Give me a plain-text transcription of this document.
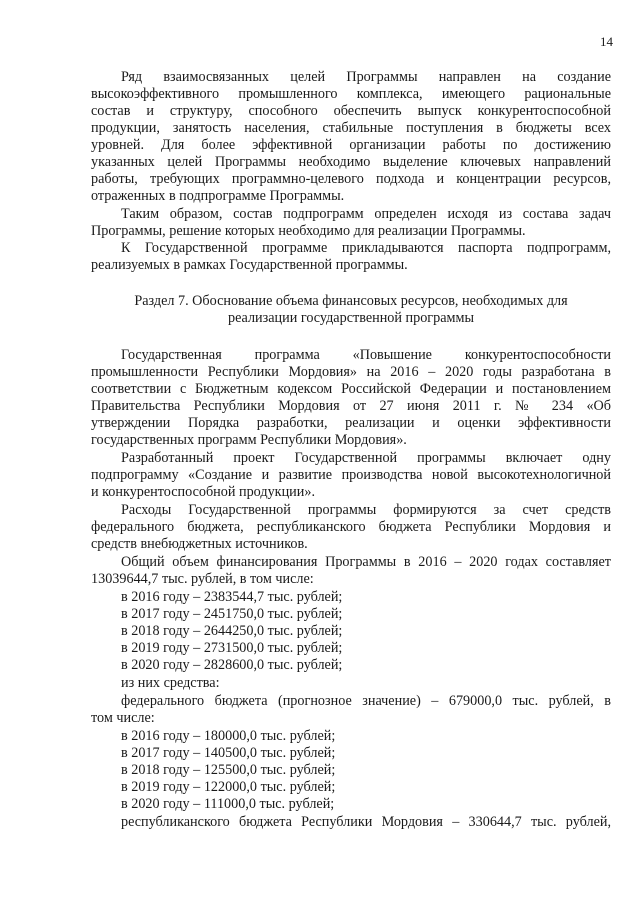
14
Ряд взаимосвязанных целей Программы направлен на создание
высокоэффективного промышленного комплекса, имеющего рациональные
состав и структуру, способного обеспечить выпуск конкурентоспособной
продукции, занятость населения, стабильные поступления в бюджеты всех
уровней. Для более эффективной организации работы по достижению
указанных целей Программы необходимо выделение ключевых направлений
работы, требующих программно-целевого подхода и концентрации ресурсов,
отраженных в подпрограмме Программы.
Таким образом, состав подпрограмм определен исходя из состава задач
Программы, решение которых необходимо для реализации Программы.
К Государственной программе прикладываются паспорта подпрограмм,
реализуемых в рамках Государственной программы.
Раздел 7. Обоснование объема финансовых ресурсов, необходимых для
реализации государственной программы
Государственная программа «Повышение конкурентоспособности
промышленности Республики Мордовия» на 2016 – 2020 годы разработана в
соответствии с Бюджетным кодексом Российской Федерации и постановлением
Правительства Республики Мордовия от 27 июня 2011 г. № 234 «Об
утверждении Порядка разработки, реализации и оценки эффективности
государственных программ Республики Мордовия».
Разработанный проект Государственной программы включает одну
подпрограмму «Создание и развитие производства новой высокотехнологичной
и конкурентоспособной продукции».
Расходы Государственной программы формируются за счет средств
федерального бюджета, республиканского бюджета Республики Мордовия и
средств внебюджетных источников.
Общий объем финансирования Программы в 2016 – 2020 годах составляет
13039644,7 тыс. рублей, в том числе:
в 2016 году – 2383544,7 тыс. рублей;
в 2017 году – 2451750,0 тыс. рублей;
в 2018 году – 2644250,0 тыс. рублей;
в 2019 году – 2731500,0 тыс. рублей;
в 2020 году – 2828600,0 тыс. рублей;
из них средства:
федерального бюджета (прогнозное значение) – 679000,0 тыс. рублей, в
том числе:
в 2016 году – 180000,0 тыс. рублей;
в 2017 году – 140500,0 тыс. рублей;
в 2018 году – 125500,0 тыс. рублей;
в 2019 году – 122000,0 тыс. рублей;
в 2020 году – 111000,0 тыс. рублей;
республиканского бюджета Республики Мордовия – 330644,7 тыс. рублей,
